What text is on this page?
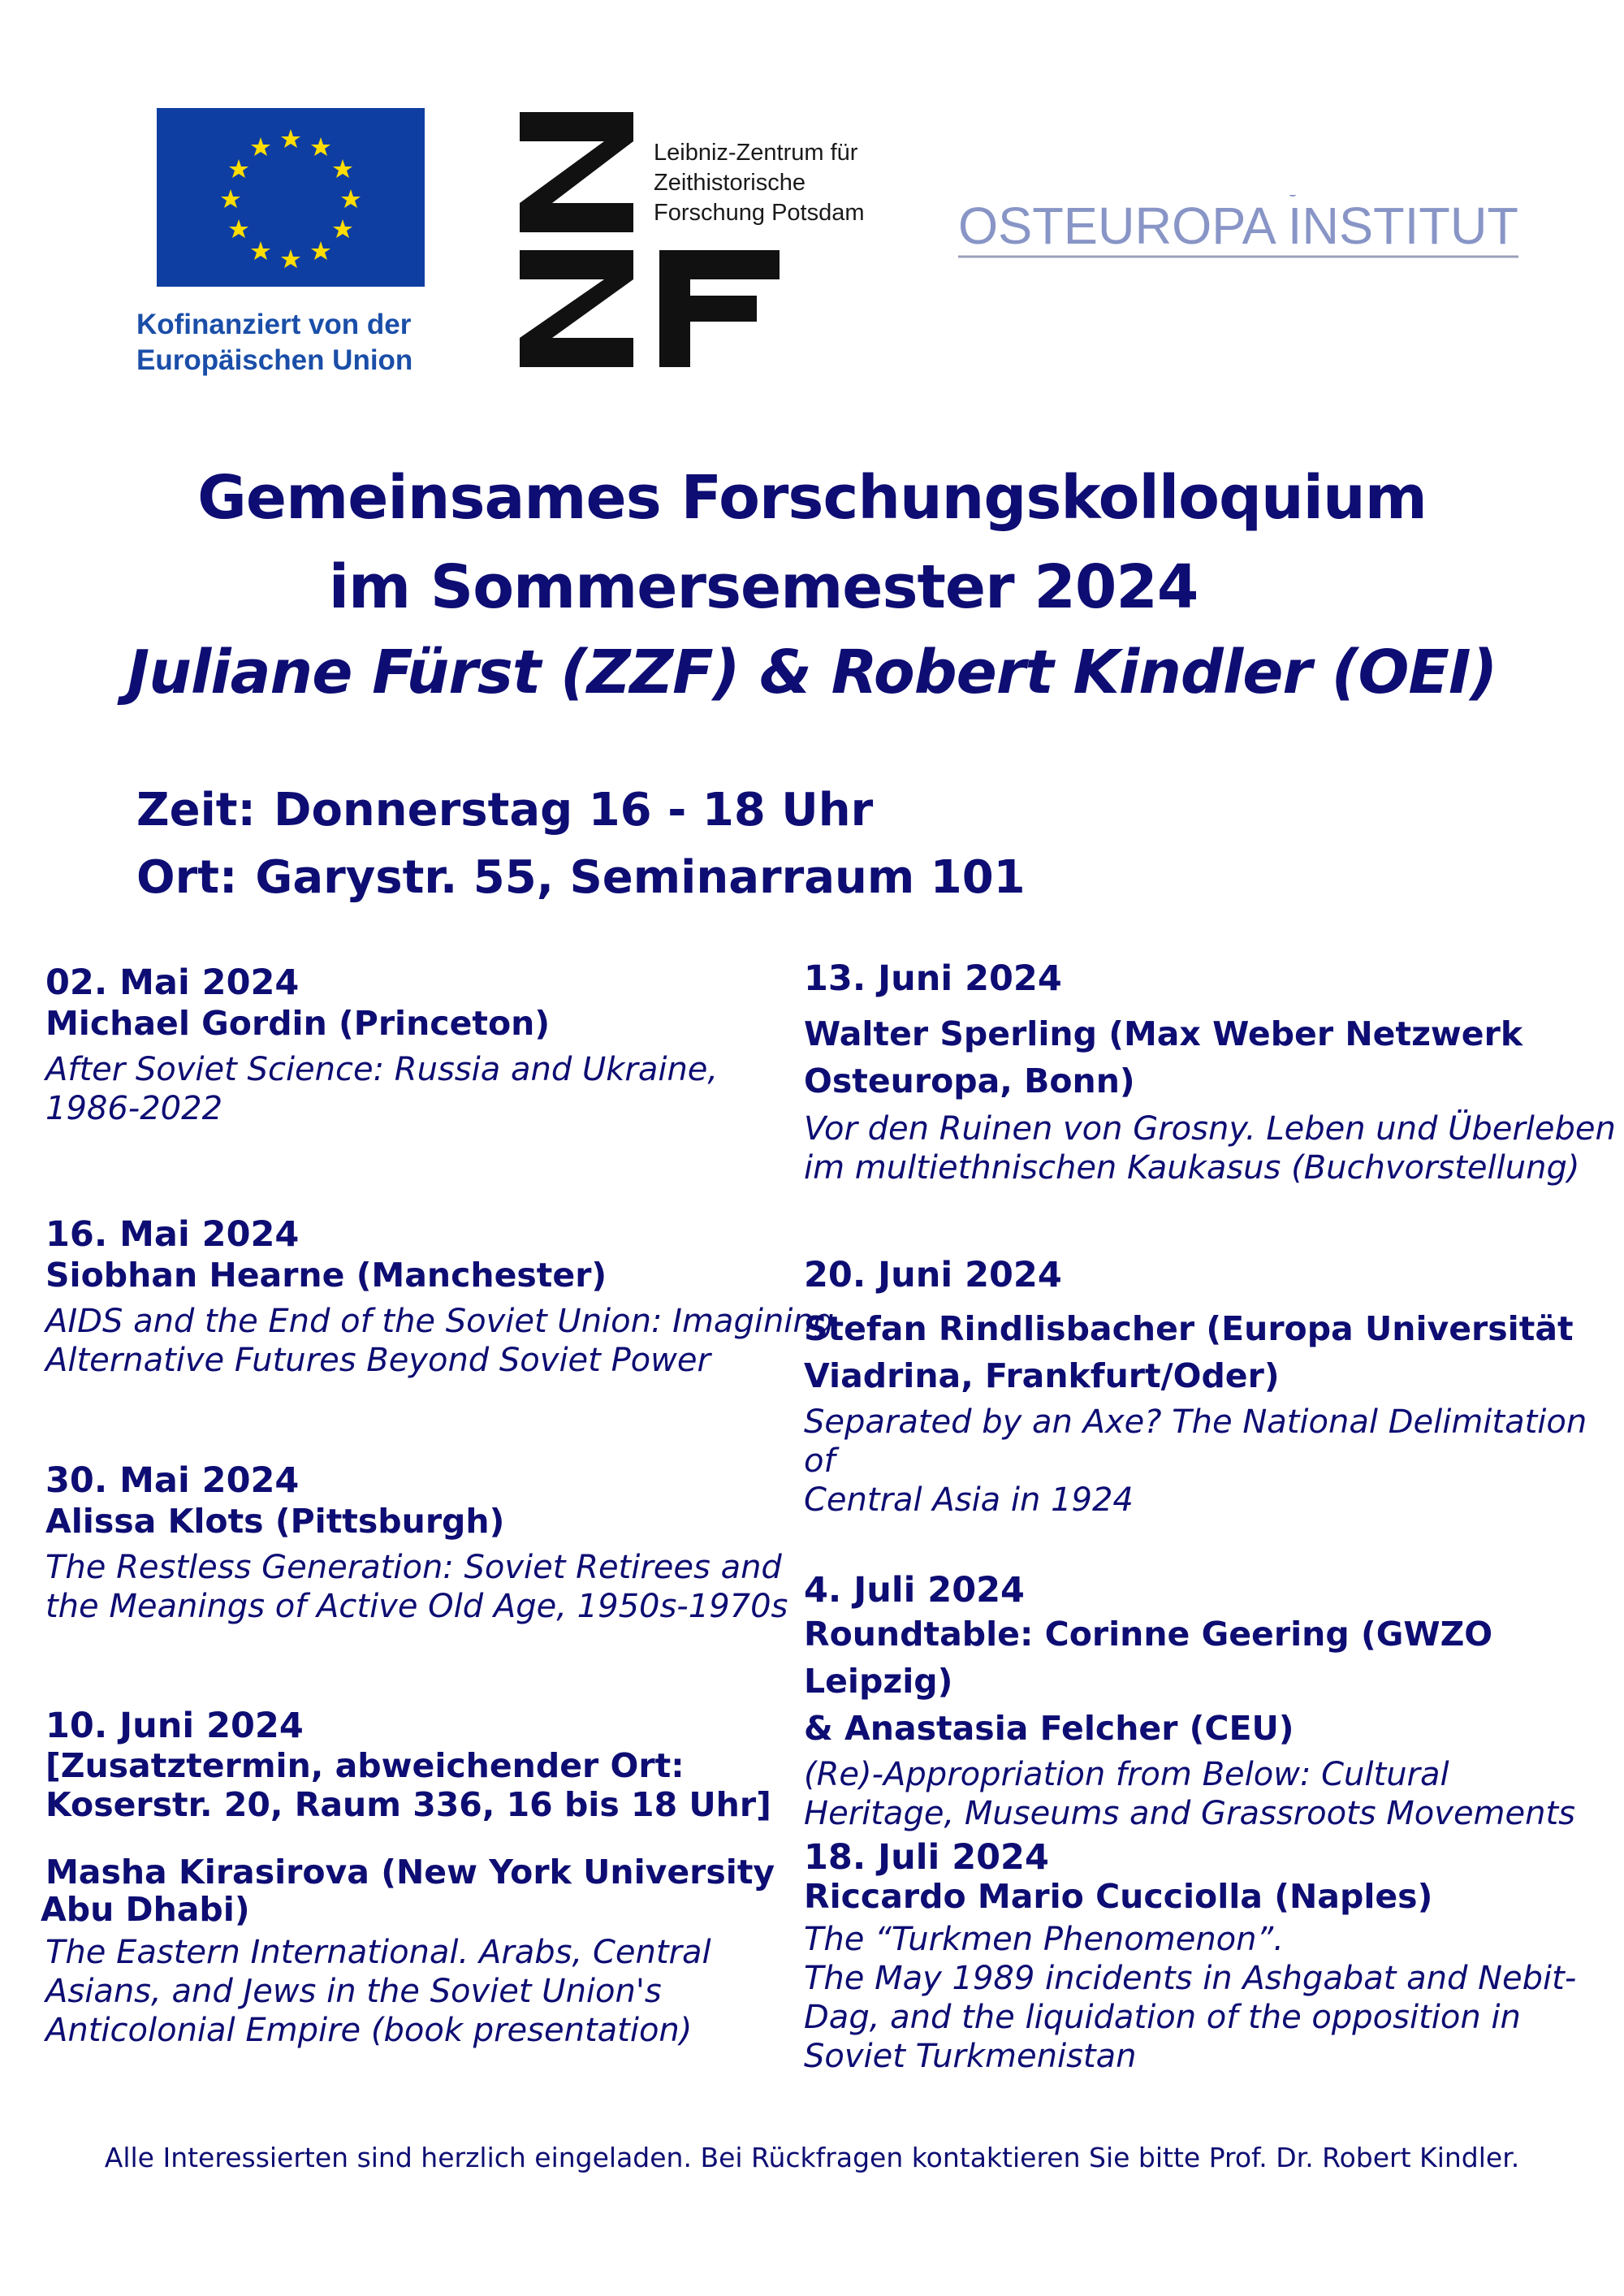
Kofinanziert von der
Europäischen Union
Leibniz-Zentrum für
Zeithistorische
Forschung Potsdam OSTEUROPA INSTITUT
Gemeinsames Forschungskolloquium
im Sommersemester 2024
Juliane Fürst (ZZF) & Robert Kindler (OEI)
Zeit: Donnerstag 16 - 18 Uhr
Ort: Garystr. 55, Seminarraum 101
02. Mai 2024
Michael Gordin (Princeton)
After Soviet Science: Russia and Ukraine,
1986-2022
16. Mai 2024
Siobhan Hearne (Manchester)
AIDS and the End of the Soviet Union: Imagining
Alternative Futures Beyond Soviet Power
30. Mai 2024
Alissa Klots (Pittsburgh)
The Restless Generation: Soviet Retirees and
the Meanings of Active Old Age, 1950s-1970s
10. Juni 2024
[Zusatztermin, abweichender Ort:
Koserstr. 20, Raum 336, 16 bis 18 Uhr]
Masha Kirasirova (New York University
Abu Dhabi)
The Eastern International. Arabs, Central
Asians, and Jews in the Soviet Union's
Anticolonial Empire (book presentation)
13. Juni 2024
Walter Sperling (Max Weber Netzwerk
Osteuropa, Bonn)
Vor den Ruinen von Grosny. Leben und Überleben
im multiethnischen Kaukasus (Buchvorstellung)
20. Juni 2024
Stefan Rindlisbacher (Europa Universität
Viadrina, Frankfurt/Oder)
Separated by an Axe? The National Delimitation of
Central Asia in 1924
4. Juli 2024
Roundtable: Corinne Geering (GWZO Leipzig)
& Anastasia Felcher (CEU)
(Re)-Appropriation from Below: Cultural
Heritage, Museums and Grassroots Movements
18. Juli 2024
Riccardo Mario Cucciolla (Naples)
The “Turkmen Phenomenon”.
The May 1989 incidents in Ashgabat and Nebit-
Dag, and the liquidation of the opposition in
Soviet Turkmenistan
Alle Interessierten sind herzlich eingeladen. Bei Rückfragen kontaktieren Sie bitte Prof. Dr. Robert Kindler.
